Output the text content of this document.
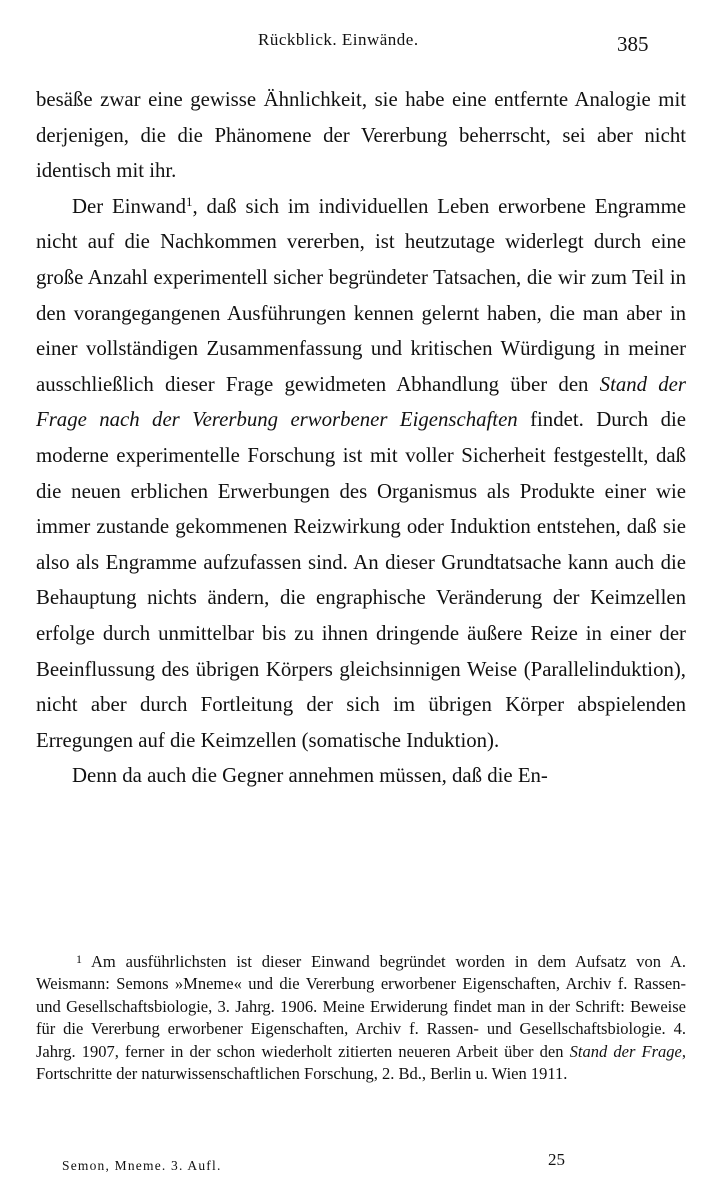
Rückblick. Einwände.	385

besäße zwar eine gewisse Ähnlichkeit, sie habe eine entfernte Analogie mit derjenigen, die die Phänomene der Vererbung beherrscht, sei aber nicht identisch mit ihr.

Der Einwand$^1$, daß sich im individuellen Leben erworbene Engramme nicht auf die Nachkommen vererben, ist heutzutage widerlegt durch eine große Anzahl experimentell sicher begründeter Tatsachen, die wir zum Teil in den vorangegangenen Ausführungen kennen gelernt haben, die man aber in einer vollständigen Zusammenfassung und kritischen Würdigung in meiner ausschließlich dieser Frage gewidmeten Abhandlung über den Stand der Frage nach der Vererbung erworbener Eigenschaften findet. Durch die moderne experimentelle Forschung ist mit voller Sicherheit festgestellt, daß die neuen erblichen Erwerbungen des Organismus als Produkte einer wie immer zustande gekommenen Reizwirkung oder Induktion entstehen, daß sie also als Engramme aufzufassen sind. An dieser Grundtatsache kann auch die Behauptung nichts ändern, die engraphische Veränderung der Keimzellen erfolge durch unmittelbar bis zu ihnen dringende äußere Reize in einer der Beeinflussung des übrigen Körpers gleichsinnigen Weise (Parallelinduktion), nicht aber durch Fortleitung der sich im übrigen Körper abspielenden Erregungen auf die Keimzellen (somatische Induktion).

Denn da auch die Gegner annehmen müssen, daß die En-

$^1$ Am ausführlichsten ist dieser Einwand begründet worden in dem Aufsatz von A. Weismann: Semons »Mneme« und die Vererbung erworbener Eigenschaften, Archiv f. Rassen- und Gesellschaftsbiologie, 3. Jahrg. 1906. Meine Erwiderung findet man in der Schrift: Beweise für die Vererbung erworbener Eigenschaften, Archiv f. Rassen- und Gesellschaftsbiologie. 4. Jahrg. 1907, ferner in der schon wiederholt zitierten neueren Arbeit über den Stand der Frage, Fortschritte der naturwissenschaftlichen Forschung, 2. Bd., Berlin u. Wien 1911.

Semon, Mneme. 3. Aufl.	25
